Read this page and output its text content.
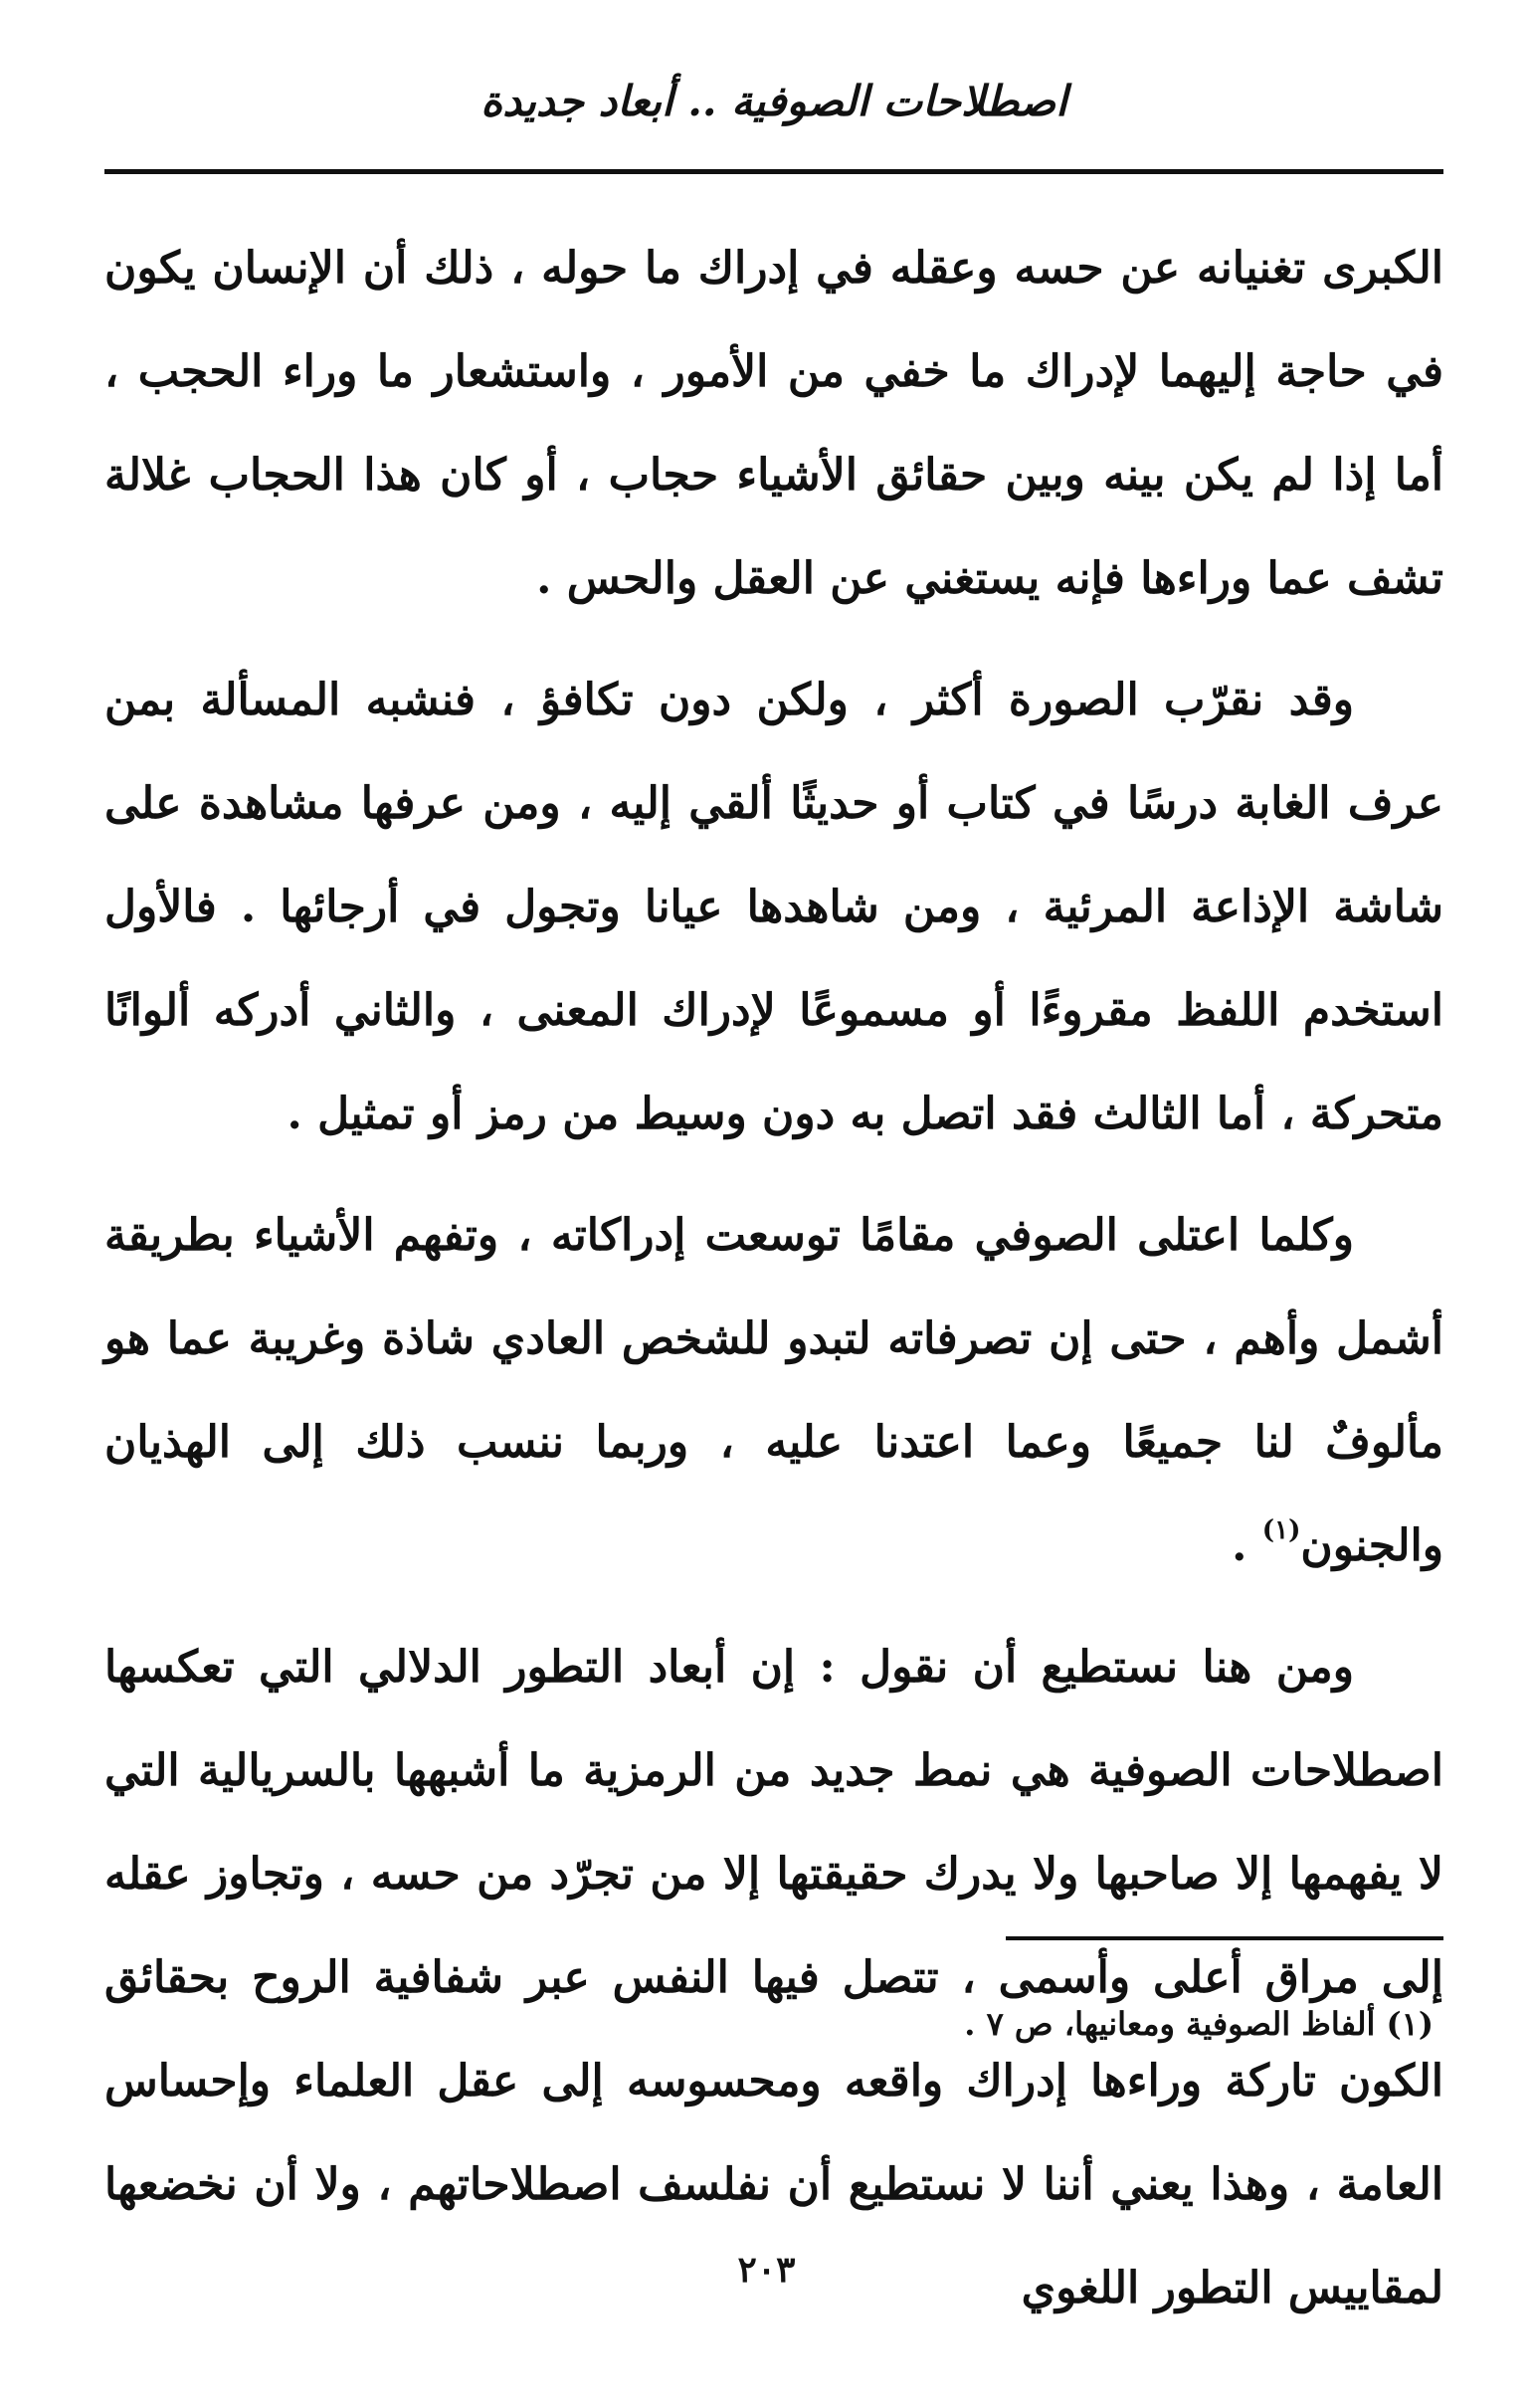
اصطلاحات الصوفية .. أبعاد جديدة

الكبرى تغنيانه عن حسه وعقله في إدراك ما حوله ، ذلك أن الإنسان يكون في حاجة إليهما لإدراك ما خفي من الأمور ، واستشعار ما وراء الحجب ، أما إذا لم يكن بينه وبين حقائق الأشياء حجاب ، أو كان هذا الحجاب غلالة تشف عما وراءها فإنه يستغني عن العقل والحس .

وقد نقرّب الصورة أكثر ، ولكن دون تكافؤ ، فنشبه المسألة بمن عرف الغابة درسًا في كتاب أو حديثًا ألقي إليه ، ومن عرفها مشاهدة على شاشة الإذاعة المرئية ، ومن شاهدها عيانا وتجول في أرجائها . فالأول استخدم اللفظ مقروءًا أو مسموعًا لإدراك المعنى ، والثاني أدركه ألوانًا متحركة ، أما الثالث فقد اتصل به دون وسيط من رمز أو تمثيل .

وكلما اعتلى الصوفي مقامًا توسعت إدراكاته ، وتفهم الأشياء بطريقة أشمل وأهم ، حتى إن تصرفاته لتبدو للشخص العادي شاذة وغريبة عما هو مألوفٌ لنا جميعًا وعما اعتدنا عليه ، وربما ننسب ذلك إلى الهذيان والجنون$^{(١)}$ .

ومن هنا نستطيع أن نقول : إن أبعاد التطور الدلالي التي تعكسها اصطلاحات الصوفية هي نمط جديد من الرمزية ما أشبهها بالسريالية التي لا يفهمها إلا صاحبها ولا يدرك حقيقتها إلا من تجرّد من حسه ، وتجاوز عقله إلى مراق أعلى وأسمى ، تتصل فيها النفس عبر شفافية الروح بحقائق الكون تاركة وراءها إدراك واقعه ومحسوسه إلى عقل العلماء وإحساس العامة ، وهذا يعني أننا لا نستطيع أن نفلسف اصطلاحاتهم ، ولا أن نخضعها لمقاييس التطور اللغوي

(١) ألفاظ الصوفية ومعانيها، ص ٧ .
٢٠٣
